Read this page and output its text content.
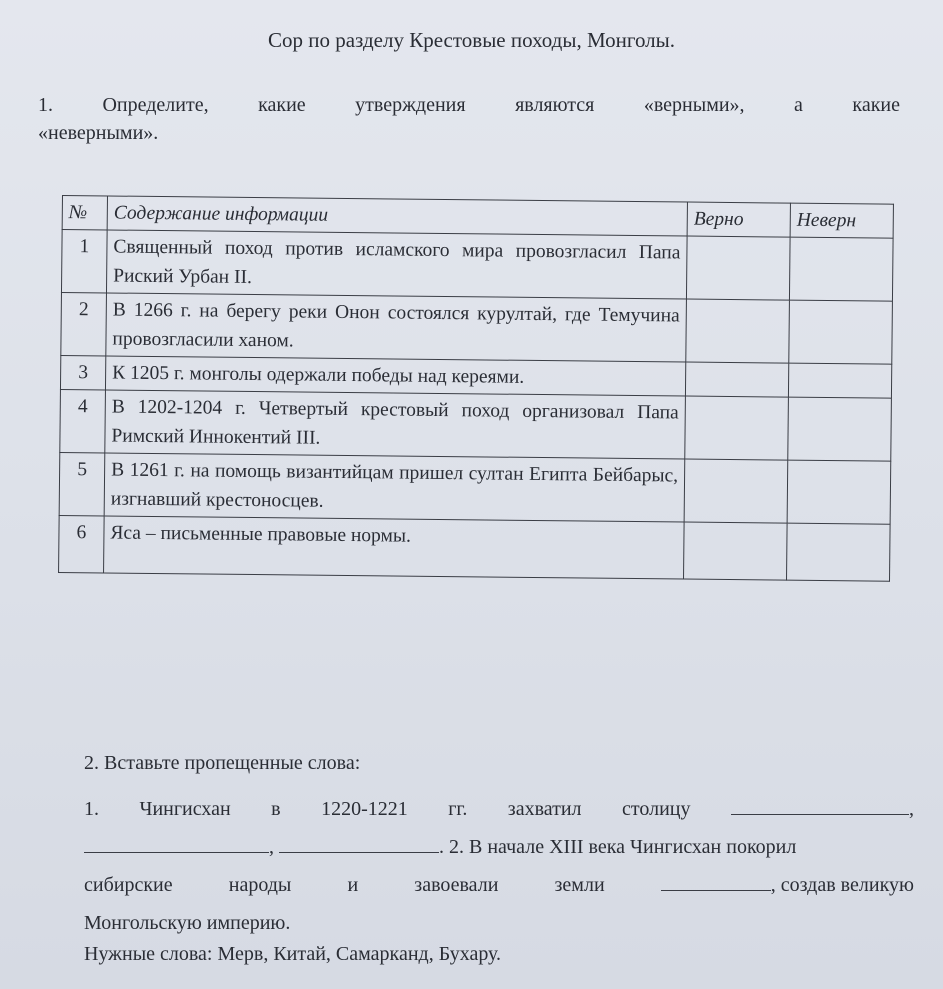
Сор по разделу Крестовые походы, Монголы.
1. Определите, какие утверждения являются «верными», а какие
«неверными».
№	Содержание информации	Верно	Неверн
1	Священный поход против исламского мира провозгласил Папа Риский Урбан II.		
2	В 1266 г. на берегу реки Онон состоялся курултай, где Темучина провозгласили ханом.		
3	К 1205 г. монголы одержали победы над кереями.		
4	В 1202-1204 г. Четвертый крестовый поход организовал Папа Римский Иннокентий III.		
5	В 1261 г. на помощь византийцам пришел султан Египта Бейбарыс, изгнавший крестоносцев.		
6	Яса – письменные правовые нормы.		
2. Вставьте пропещенные слова:
1. Чингисхан в 1220-1221 гг. захватил столицу	,
,	. 2. В начале XIII века Чингисхан покорил
сибирские	народы	и	завоевали	земли	, создав великую
Монгольскую империю.
Нужные слова: Мерв, Китай, Самарканд, Бухару.
